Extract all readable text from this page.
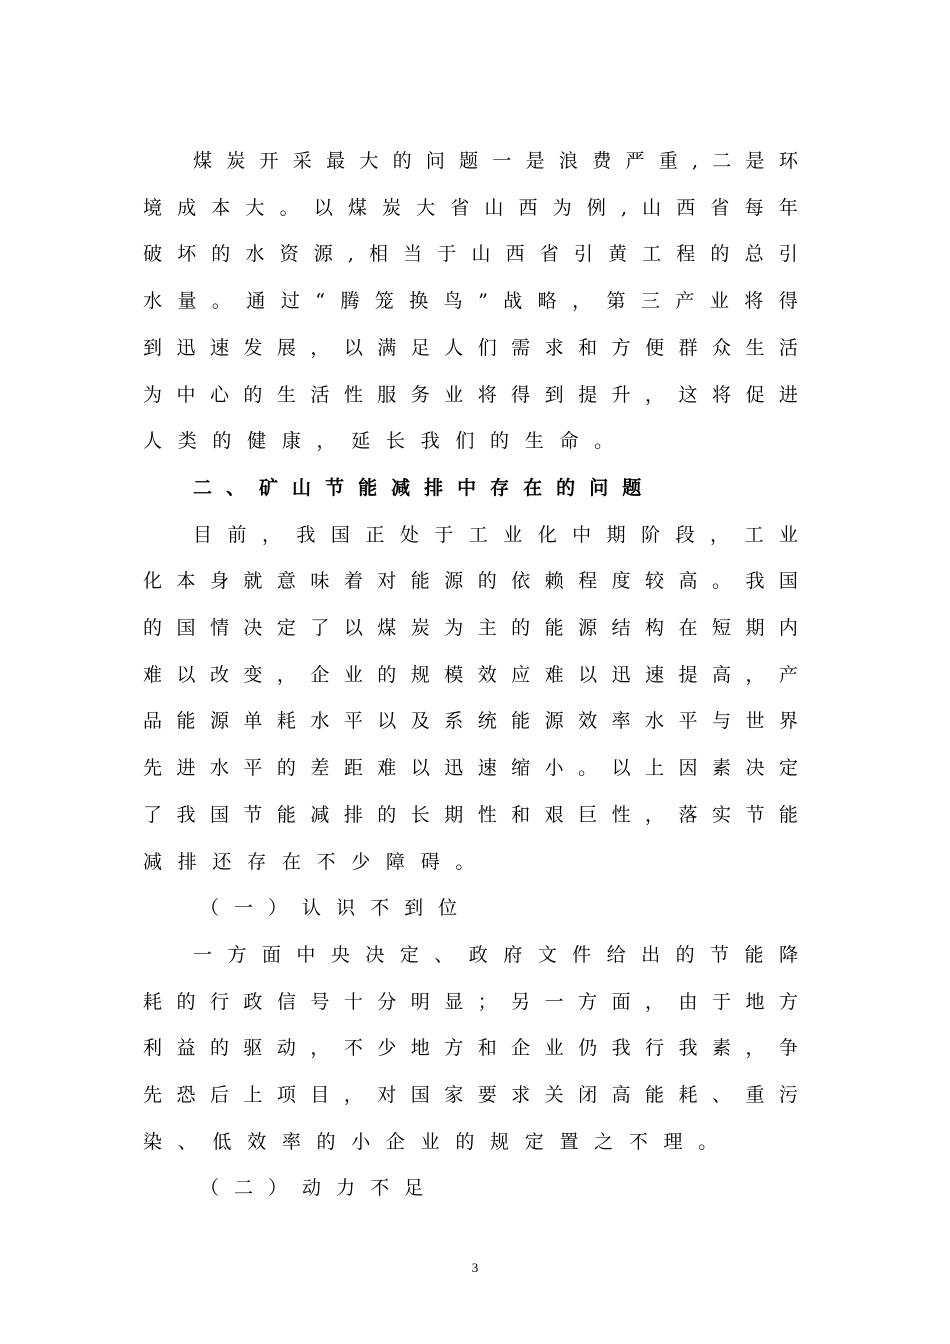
煤 炭 开 采 最 大 的 问 题 一 是 浪 费 严 重 , 二 是 环
境 成 本 大 。 以 煤 炭 大 省 山 西 为 例 , 山 西 省 每 年
破 坏 的 水 资 源 , 相 当 于 山 西 省 引 黄 工 程 的 总 引
水 量 。 通 过 “ 腾 笼 换 鸟 ” 战 略 ， 第 三 产 业 将 得
到 迅 速 发 展 ， 以 满 足 人 们 需 求 和 方 便 群 众 生 活
为 中 心 的 生 活 性 服 务 业 将 得 到 提 升 ， 这 将 促 进
人 类 的 健 康 ， 延 长 我 们 的 生 命 。
二 、 矿 山 节 能 减 排 中 存 在 的 问 题
目 前 ， 我 国 正 处 于 工 业 化 中 期 阶 段 ， 工 业
化 本 身 就 意 味 着 对 能 源 的 依 赖 程 度 较 高 。 我 国
的 国 情 决 定 了 以 煤 炭 为 主 的 能 源 结 构 在 短 期 内
难 以 改 变 ， 企 业 的 规 模 效 应 难 以 迅 速 提 高 ， 产
品 能 源 单 耗 水 平 以 及 系 统 能 源 效 率 水 平 与 世 界
先 进 水 平 的 差 距 难 以 迅 速 缩 小 。 以 上 因 素 决 定
了 我 国 节 能 减 排 的 长 期 性 和 艰 巨 性 ， 落 实 节 能
减 排 还 存 在 不 少 障 碍 。
（ 一 ） 认 识 不 到 位
一 方 面 中 央 决 定 、 政 府 文 件 给 出 的 节 能 降
耗 的 行 政 信 号 十 分 明 显 ； 另 一 方 面 ， 由 于 地 方
利 益 的 驱 动 ， 不 少 地 方 和 企 业 仍 我 行 我 素 ， 争
先 恐 后 上 项 目 ， 对 国 家 要 求 关 闭 高 能 耗 、 重 污
染 、 低 效 率 的 小 企 业 的 规 定 置 之 不 理 。
（ 二 ） 动 力 不 足
3
